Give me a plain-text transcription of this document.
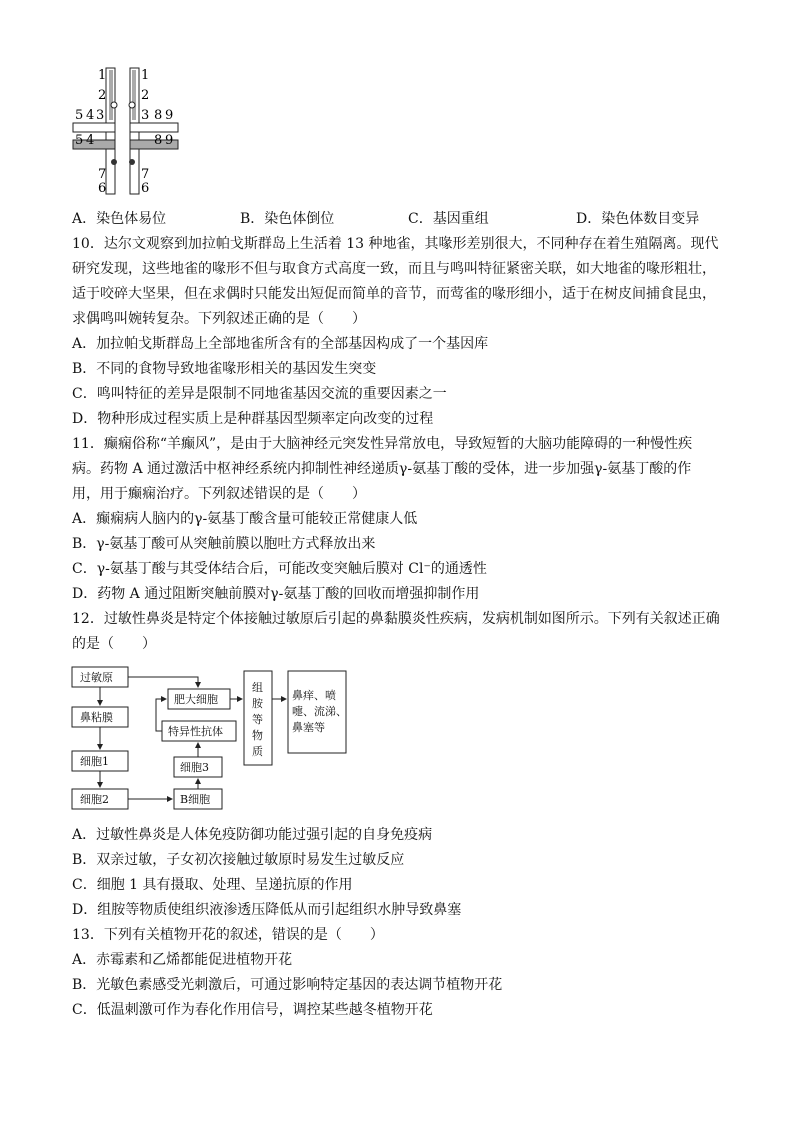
1
2
3
4
5
4
5
7
6
1
2
3 8 9
8 9
7
6
A．染色体易位	B．染色体倒位	C．基因重组	D．染色体数目变异
10．达尔文观察到加拉帕戈斯群岛上生活着 13 种地雀，其喙形差别很大，不同种存在着生殖隔离。现代
研究发现，这些地雀的喙形不但与取食方式高度一致，而且与鸣叫特征紧密关联，如大地雀的喙形粗壮，
适于咬碎大坚果，但在求偶时只能发出短促而简单的音节，而莺雀的喙形细小，适于在树皮间捕食昆虫，
求偶鸣叫婉转复杂。下列叙述正确的是（　　）
A．加拉帕戈斯群岛上全部地雀所含有的全部基因构成了一个基因库
B．不同的食物导致地雀喙形相关的基因发生突变
C．鸣叫特征的差异是限制不同地雀基因交流的重要因素之一
D．物种形成过程实质上是种群基因型频率定向改变的过程
11．癫痫俗称“羊癫风”，是由于大脑神经元突发性异常放电，导致短暂的大脑功能障碍的一种慢性疾
病。药物 A 通过激活中枢神经系统内抑制性神经递质γ-氨基丁酸的受体，进一步加强γ-氨基丁酸的作
用，用于癫痫治疗。下列叙述错误的是（　　）
A．癫痫病人脑内的γ-氨基丁酸含量可能较正常健康人低
B．γ-氨基丁酸可从突触前膜以胞吐方式释放出来
C．γ-氨基丁酸与其受体结合后，可能改变突触后膜对 Cl⁻的通透性
D．药物 A 通过阻断突触前膜对γ-氨基丁酸的回收而增强抑制作用
12．过敏性鼻炎是特定个体接触过敏原后引起的鼻黏膜炎性疾病，发病机制如图所示。下列有关叙述正确
的是（　　）
过敏原
鼻粘膜
细胞1
细胞2	B细胞
细胞3
特异性抗体
肥大细胞
组
胺
等
物
质
鼻痒、喷
嚏、流涕、
鼻塞等
A．过敏性鼻炎是人体免疫防御功能过强引起的自身免疫病
B．双亲过敏，子女初次接触过敏原时易发生过敏反应
C．细胞 1 具有摄取、处理、呈递抗原的作用
D．组胺等物质使组织液渗透压降低从而引起组织水肿导致鼻塞
13．下列有关植物开花的叙述，错误的是（　　）
A．赤霉素和乙烯都能促进植物开花
B．光敏色素感受光刺激后，可通过影响特定基因的表达调节植物开花
C．低温刺激可作为春化作用信号，调控某些越冬植物开花
